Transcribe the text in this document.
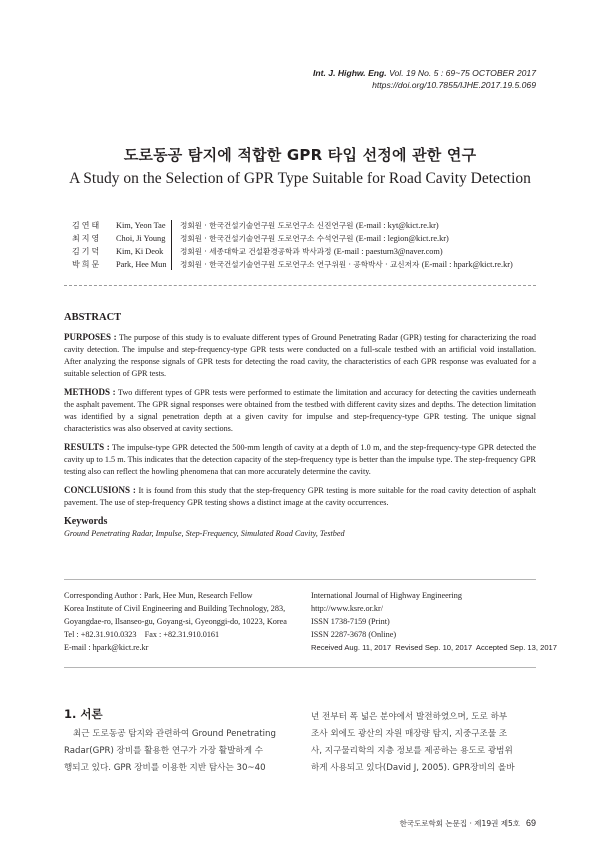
Int. J. Highw. Eng. Vol. 19 No. 5 : 69~75 OCTOBER 2017
https://doi.org/10.7855/IJHE.2017.19.5.069
도로동공 탐지에 적합한 GPR 타입 선정에 관한 연구
A Study on the Selection of GPR Type Suitable for Road Cavity Detection
김연태	Kim, Yeon Tae	정회원 · 한국건설기술연구원 도로연구소 신진연구원 (E-mail : kyt@kict.re.kr)
최지영	Choi, Ji Young	정회원 · 한국건설기술연구원 도로연구소 수석연구원 (E-mail : legion@kict.re.kr)
김기덕	Kim, Ki Deok	정회원 · 세종대학교 건설환경공학과 박사과정 (E-mail : paesturn3@naver.com)
박희문	Park, Hee Mun	정회원 · 한국건설기술연구원 도로연구소 연구위원 · 공학박사 · 교신저자 (E-mail : hpark@kict.re.kr)
ABSTRACT

PURPOSES : The purpose of this study is to evaluate different types of Ground Penetrating Radar (GPR) testing for characterizing the road cavity detection. The impulse and step-frequency-type GPR tests were conducted on a full-scale testbed with an artificial void installation. After analyzing the response signals of GPR tests for detecting the road cavity, the characteristics of each GPR response was evaluated for a suitable selection of GPR tests.

METHODS : Two different types of GPR tests were performed to estimate the limitation and accuracy for detecting the cavities underneath the asphalt pavement. The GPR signal responses were obtained from the testbed with different cavity sizes and depths. The detection limitation was identified by a signal penetration depth at a given cavity for impulse and step-frequency-type GPR testing. The unique signal characteristics was also observed at cavity sections.

RESULTS : The impulse-type GPR detected the 500-mm length of cavity at a depth of 1.0 m, and the step-frequency-type GPR detected the cavity up to 1.5 m. This indicates that the detection capacity of the step-frequency type is better than the impulse type. The step-frequency GPR testing also can reflect the howling phenomena that can more accurately determine the cavity.

CONCLUSIONS : It is found from this study that the step-frequency GPR testing is more suitable for the road cavity detection of asphalt pavement. The use of step-frequency GPR testing shows a distinct image at the cavity occurrences.

Keywords
Ground Penetrating Radar, Impulse, Step-Frequency, Simulated Road Cavity, Testbed
Corresponding Author : Park, Hee Mun, Research Fellow
Korea Institute of Civil Engineering and Building Technology, 283,
Goyangdae-ro, Ilsanseo-gu, Goyang-si, Gyeonggi-do, 10223, Korea
Tel : +82.31.910.0323    Fax : +82.31.910.0161
E-mail : hpark@kict.re.kr
International Journal of Highway Engineering
http://www.ksre.or.kr/
ISSN 1738-7159 (Print)
ISSN 2287-3678 (Online)
Received Aug. 11, 2017  Revised Sep. 10, 2017  Accepted Sep. 13, 2017
1. 서론
최근 도로동공 탐지와 관련하여 Ground Penetrating
Radar(GPR) 장비를 활용한 연구가 가장 활발하게 수
행되고 있다. GPR 장비를 이용한 지반 탐사는 30~40
년 전부터 폭 넓은 분야에서 발전하였으며, 도로 하부
조사 외에도 광산의 자원 매장량 탐지, 지중구조물 조
사, 지구물리학의 지층 정보를 제공하는 용도로 광범위
하게 사용되고 있다(David J, 2005). GPR장비의 올바
한국도로학회 논문집 · 제19권 제5호 69
